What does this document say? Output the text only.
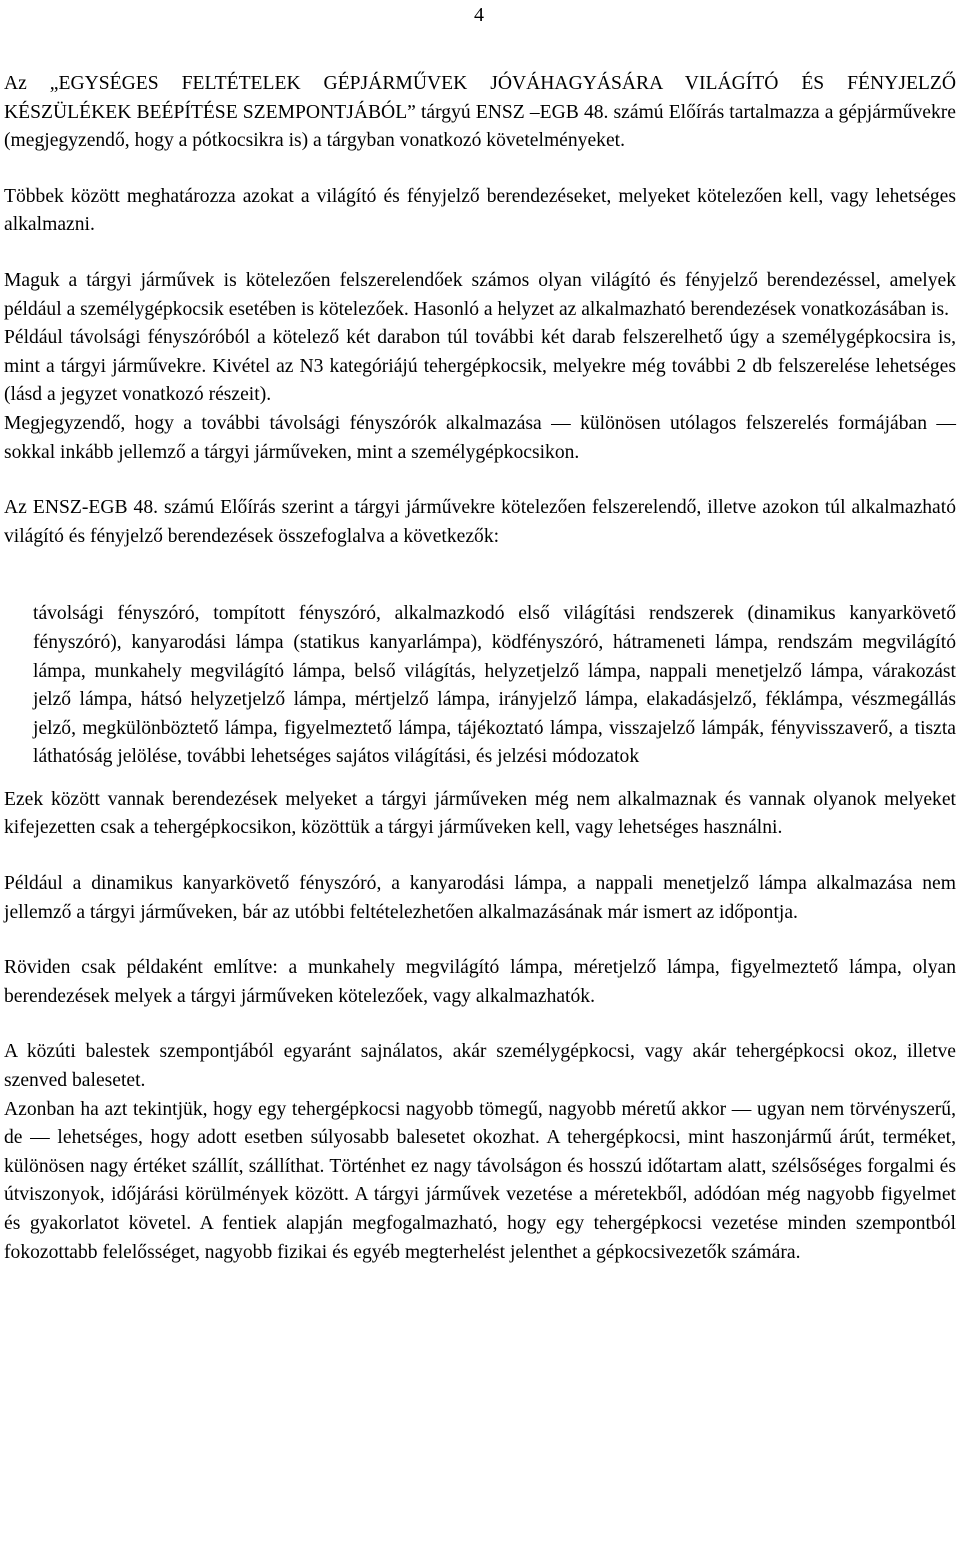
4

Az „EGYSÉGES FELTÉTELEK GÉPJÁRMŰVEK JÓVÁHAGYÁSÁRA VILÁGÍTÓ ÉS FÉNYJELZŐ KÉSZÜLÉKEK BEÉPÍTÉSE SZEMPONTJÁBÓL” tárgyú ENSZ –EGB 48. számú Előírás tartalmazza a gépjárművekre (megjegyzendő, hogy a pótkocsikra is) a tárgyban vonatkozó követelményeket.

Többek között meghatározza azokat a világító és fényjelző berendezéseket, melyeket kötelezően kell, vagy lehetséges alkalmazni.

Maguk a tárgyi járművek is kötelezően felszerelendőek számos olyan világító és fényjelző berendezéssel, amelyek például a személygépkocsik esetében is kötelezőek. Hasonló a helyzet az alkalmazható berendezések vonatkozásában is.

Például távolsági fényszóróból a kötelező két darabon túl további két darab felszerelhető úgy a személygépkocsira is, mint a tárgyi járművekre. Kivétel az N3 kategóriájú tehergépkocsik, melyekre még további 2 db felszerelése lehetséges (lásd a jegyzet vonatkozó részeit).

Megjegyzendő, hogy a további távolsági fényszórók alkalmazása — különösen utólagos felszerelés formájában — sokkal inkább jellemző a tárgyi járműveken, mint a személygépkocsikon.

Az ENSZ-EGB 48. számú Előírás szerint a tárgyi járművekre kötelezően felszerelendő, illetve azokon túl alkalmazható világító és fényjelző berendezések összefoglalva a következők:

távolsági fényszóró, tompított fényszóró, alkalmazkodó első világítási rendszerek (dinamikus kanyarkövető fényszóró), kanyarodási lámpa (statikus kanyarlámpa), ködfényszóró, hátrameneti lámpa, rendszám megvilágító lámpa, munkahely megvilágító lámpa, belső világítás, helyzetjelző lámpa, nappali menetjelző lámpa, várakozást jelző lámpa, hátsó helyzetjelző lámpa, mértjelző lámpa, irányjelző lámpa, elakadásjelző, féklámpa, vészmegállás jelző, megkülönböztető lámpa, figyelmeztető lámpa, tájékoztató lámpa, visszajelző lámpák, fényvisszaverő, a tiszta láthatóság jelölése, további lehetséges sajátos világítási, és jelzési módozatok

Ezek között vannak berendezések melyeket a tárgyi járműveken még nem alkalmaznak és vannak olyanok melyeket kifejezetten csak a tehergépkocsikon, közöttük a tárgyi járműveken kell, vagy lehetséges használni.

Például a dinamikus kanyarkövető fényszóró, a kanyarodási lámpa, a nappali menetjelző lámpa alkalmazása nem jellemző a tárgyi járműveken, bár az utóbbi feltételezhetően alkalmazásának már ismert az időpontja.

Röviden csak példaként említve: a munkahely megvilágító lámpa, méretjelző lámpa, figyelmeztető lámpa, olyan berendezések melyek a tárgyi járműveken kötelezőek, vagy alkalmazhatók.

A közúti balestek szempontjából egyaránt sajnálatos, akár személygépkocsi, vagy akár tehergépkocsi okoz, illetve szenved balesetet.

Azonban ha azt tekintjük, hogy egy tehergépkocsi nagyobb tömegű, nagyobb méretű akkor — ugyan nem törvényszerű, de — lehetséges, hogy adott esetben súlyosabb balesetet okozhat. A tehergépkocsi, mint haszonjármű árút, terméket, különösen nagy értéket szállít, szállíthat. Történhet ez nagy távolságon és hosszú időtartam alatt, szélsőséges forgalmi és útviszonyok, időjárási körülmények között. A tárgyi járművek vezetése a méretekből, adódóan még nagyobb figyelmet és gyakorlatot követel. A fentiek alapján megfogalmazható, hogy egy tehergépkocsi vezetése minden szempontból fokozottabb felelősséget, nagyobb fizikai és egyéb megterhelést jelenthet a gépkocsivezetők számára.
